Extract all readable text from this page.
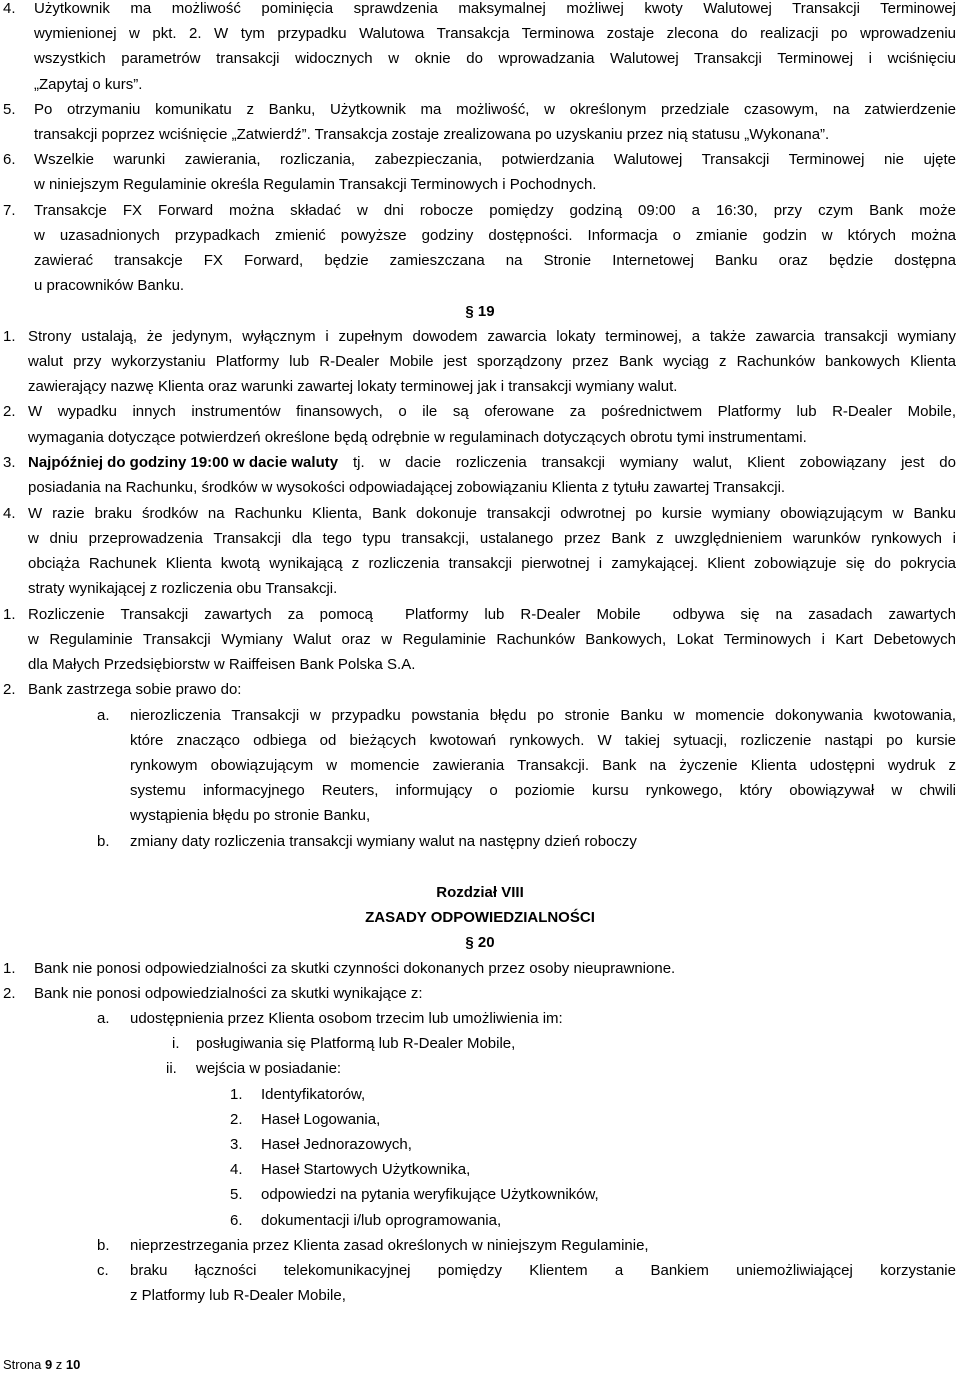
4. Użytkownik ma możliwość pominięcia sprawdzenia maksymalnej możliwej kwoty Walutowej Transakcji Terminowej
wymienionej w pkt. 2. W tym przypadku Walutowa Transakcja Terminowa zostaje zlecona do realizacji po wprowadzeniu
wszystkich parametrów transakcji widocznych w oknie do wprowadzania Walutowej Transakcji Terminowej i wciśnięciu
„Zapytaj o kurs”.
5. Po otrzymaniu komunikatu z Banku, Użytkownik ma możliwość, w określonym przedziale czasowym, na zatwierdzenie
transakcji poprzez wciśnięcie „Zatwierdź”. Transakcja zostaje zrealizowana po uzyskaniu przez nią statusu „Wykonana”.
6. Wszelkie warunki zawierania, rozliczania, zabezpieczania, potwierdzania Walutowej Transakcji Terminowej nie ujęte
w niniejszym Regulaminie określa Regulamin Transakcji Terminowych i Pochodnych.
7. Transakcje FX Forward można składać w dni robocze pomiędzy godziną 09:00 a 16:30, przy czym Bank może
w uzasadnionych przypadkach zmienić powyższe godziny dostępności. Informacja o zmianie godzin w których można
zawierać transakcje FX Forward, będzie zamieszczana na Stronie Internetowej Banku oraz będzie dostępna
u pracowników Banku.
§ 19
1. Strony ustalają, że jedynym, wyłącznym i zupełnym dowodem zawarcia lokaty terminowej, a także zawarcia transakcji wymiany
walut przy wykorzystaniu Platformy lub R-Dealer Mobile jest sporządzony przez Bank wyciąg z Rachunków bankowych Klienta
zawierający nazwę Klienta oraz warunki zawartej lokaty terminowej jak i transakcji wymiany walut.
2. W wypadku innych instrumentów finansowych, o ile są oferowane za pośrednictwem Platformy lub R-Dealer Mobile,
wymagania dotyczące potwierdzeń określone będą odrębnie w regulaminach dotyczących obrotu tymi instrumentami.
3. Najpóźniej do godziny 19:00 w dacie waluty tj. w dacie rozliczenia transakcji wymiany walut, Klient zobowiązany jest do
posiadania na Rachunku, środków w wysokości odpowiadającej zobowiązaniu Klienta z tytułu zawartej Transakcji.
4. W razie braku środków na Rachunku Klienta, Bank dokonuje transakcji odwrotnej po kursie wymiany obowiązującym w Banku
w dniu przeprowadzenia Transakcji dla tego typu transakcji, ustalanego przez Bank z uwzględnieniem warunków rynkowych i
obciąża Rachunek Klienta kwotą wynikającą z rozliczenia transakcji pierwotnej i zamykającej. Klient zobowiązuje się do pokrycia
straty wynikającej z rozliczenia obu Transakcji.
1. Rozliczenie Transakcji zawartych za pomocą  Platformy lub R-Dealer Mobile  odbywa się na zasadach zawartych
w Regulaminie Transakcji Wymiany Walut oraz w Regulaminie Rachunków Bankowych, Lokat Terminowych i Kart Debetowych
dla Małych Przedsiębiorstw w Raiffeisen Bank Polska S.A.
2. Bank zastrzega sobie prawo do:
a. nierozliczenia Transakcji w przypadku powstania błędu po stronie Banku w momencie dokonywania kwotowania,
które znacząco odbiega od bieżących kwotowań rynkowych. W takiej sytuacji, rozliczenie nastąpi po kursie
rynkowym obowiązującym w momencie zawierania Transakcji. Bank na życzenie Klienta udostępni wydruk z
systemu informacyjnego Reuters, informujący o poziomie kursu rynkowego, który obowiązywał w chwili
wystąpienia błędu po stronie Banku,
b. zmiany daty rozliczenia transakcji wymiany walut na następny dzień roboczy
Rozdział VIII
ZASADY ODPOWIEDZIALNOŚCI
§ 20
1. Bank nie ponosi odpowiedzialności za skutki czynności dokonanych przez osoby nieuprawnione.
2. Bank nie ponosi odpowiedzialności za skutki wynikające z:
a. udostępnienia przez Klienta osobom trzecim lub umożliwienia im:
i. posługiwania się Platformą lub R-Dealer Mobile,
ii. wejścia w posiadanie:
1. Identyfikatorów,
2. Haseł Logowania,
3. Haseł Jednorazowych,
4. Haseł Startowych Użytkownika,
5. odpowiedzi na pytania weryfikujące Użytkowników,
6. dokumentacji i/lub oprogramowania,
b. nieprzestrzegania przez Klienta zasad określonych w niniejszym Regulaminie,
c. braku łączności telekomunikacyjnej pomiędzy Klientem a Bankiem uniemożliwiającej korzystanie
z Platformy lub R-Dealer Mobile,
Strona 9 z 10
